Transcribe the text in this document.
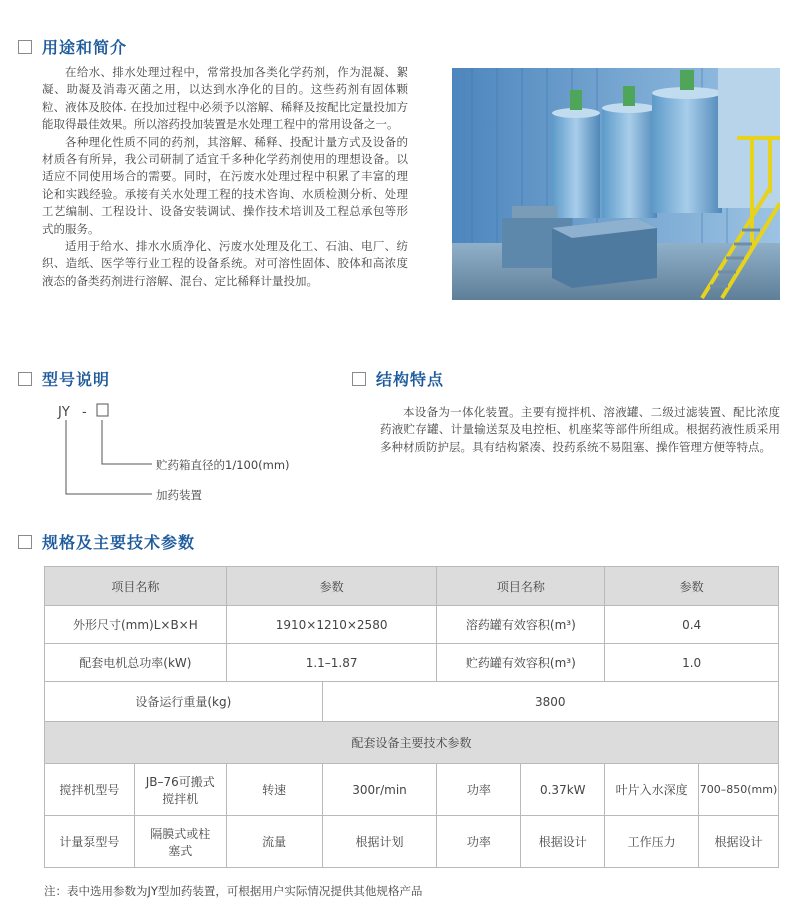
用途和简介

在给水、排水处理过程中，常常投加各类化学药剂，作为混凝、絮凝、助凝及消毒灭菌之用，以达到水净化的目的。这些药剂有固体颗粒、液体及胶体. 在投加过程中必须予以溶解、稀释及按配比定量投加方能取得最佳效果。所以溶药投加装置是水处理工程中的常用设备之一。

各种理化性质不同的药剂，其溶解、稀释、投配计量方式及设备的材质各有所异，我公司研制了适宜千多种化学药剂使用的理想设备。以适应不同使用场合的需要。同时，在污废水处理过程中积累了丰富的理论和实践经验。承接有关水处理工程的技术咨询、水质检测分析、处理工艺编制、工程设计、设备安装调试、操作技术培训及工程总承包等形式的服务。

适用于给水、排水水质净化、污废水处理及化工、石油、电厂、纺织、造纸、医学等行业工程的设备系统。对可溶性固体、胶体和高浓度液态的备类药剂进行溶解、混台、定比稀释计量投加。

型号说明
JY -
贮药箱直径的1/100(mm)
加药装置
结构特点

本设备为一体化装置。主要有搅拌机、溶液罐、二级过滤装置、配比浓度药液贮存罐、计量输送泵及电控柜、机座桨等部件所组成。根据药液性质采用多种材质防护层。具有结构紧凑、投药系统不易阻塞、操作管理方便等特点。

规格及主要技术参数
项目名称		参数		项目名称		参数	
外形尺寸(mm)L×B×H		1910×1210×2580		溶药罐有效容积(m³)		0.4	
配套电机总功率(kW)		1.1–1.87		贮药罐有效容积(m³)		1.0	
设备运行重量(kg)			3800				
配套设备主要技术参数							
搅拌机型号	JB–76可搬式搅拌机	转速	300r/min	功率	0.37kW	叶片入水深度	700–850(mm)
计量泵型号	隔膜式或柱塞式	流量	根据计划	功率	根据设计	工作压力	根据设计
注：表中选用参数为JY型加药装置，可根据用户实际情况提供其他规格产品
